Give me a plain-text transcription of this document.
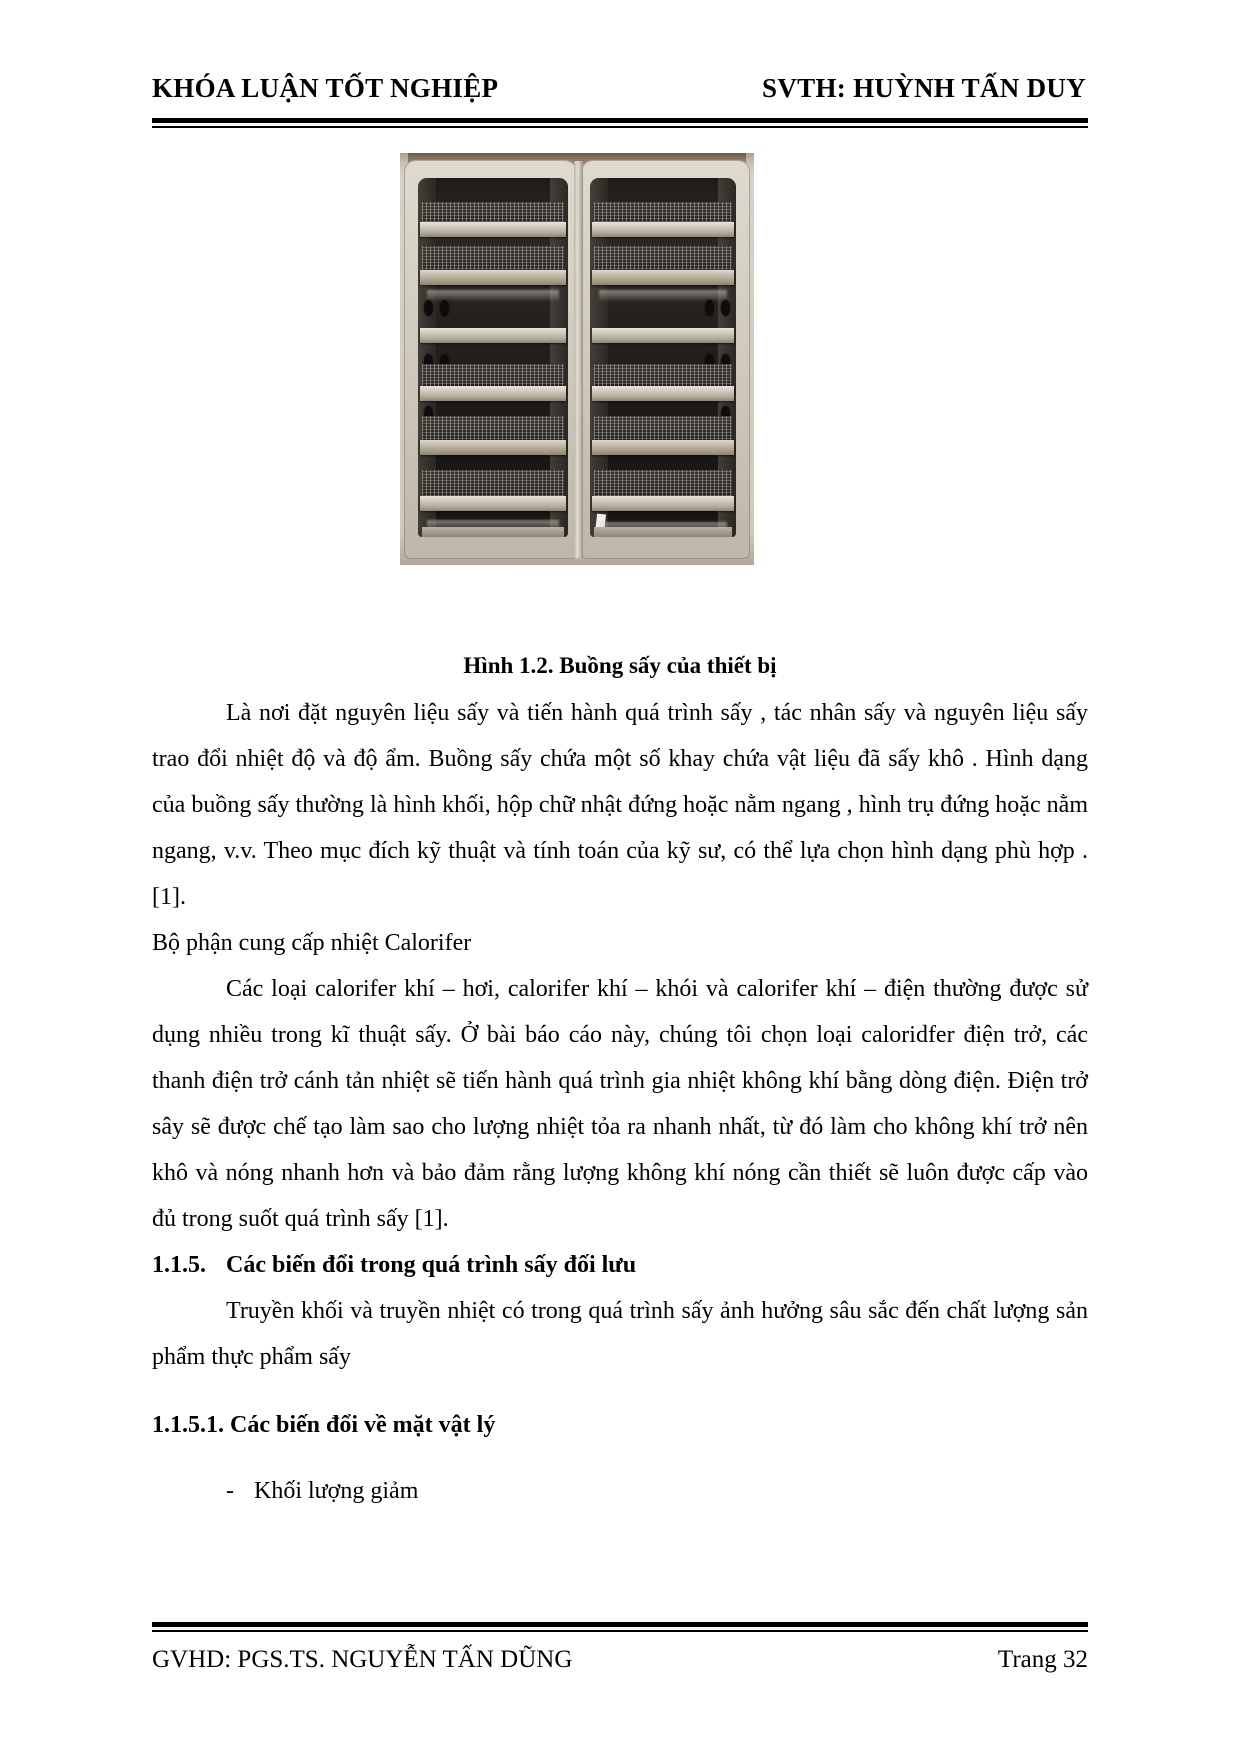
KHÓA LUẬN TỐT NGHIỆP	SVTH: HUỲNH TẤN DUY
Hình 1.2. Buồng sấy của thiết bị

Là nơi đặt nguyên liệu sấy và tiến hành quá trình sấy , tác nhân sấy và nguyên liệu sấy trao đổi nhiệt độ và độ ẩm. Buồng sấy chứa một số khay chứa vật liệu đã sấy khô . Hình dạng của buồng sấy thường là hình khối, hộp chữ nhật đứng hoặc nằm ngang , hình trụ đứng hoặc nằm ngang, v.v. Theo mục đích kỹ thuật và tính toán của kỹ sư, có thể lựa chọn hình dạng phù hợp . [1].

Bộ phận cung cấp nhiệt Calorifer

Các loại calorifer khí – hơi, calorifer khí – khói và calorifer khí – điện thường được sử dụng nhiều trong kĩ thuật sấy. Ở bài báo cáo này, chúng tôi chọn loại caloridfer điện trở, các thanh điện trở cánh tản nhiệt sẽ tiến hành quá trình gia nhiệt không khí bằng dòng điện. Điện trở sây sẽ được chế tạo làm sao cho lượng nhiệt tỏa ra nhanh nhất, từ đó làm cho không khí trở nên khô và nóng nhanh hơn và bảo đảm rằng lượng không khí nóng cần thiết sẽ luôn được cấp vào đủ trong suốt quá trình sấy [1].

1.1.5. Các biến đổi trong quá trình sấy đối lưu

Truyền khối và truyền nhiệt có trong quá trình sấy ảnh hưởng sâu sắc đến chất lượng sản phẩm thực phẩm sấy

1.1.5.1. Các biến đổi về mặt vật lý
- Khối lượng giảm
GVHD: PGS.TS. NGUYỄN TẤN DŨNG	Trang 32
